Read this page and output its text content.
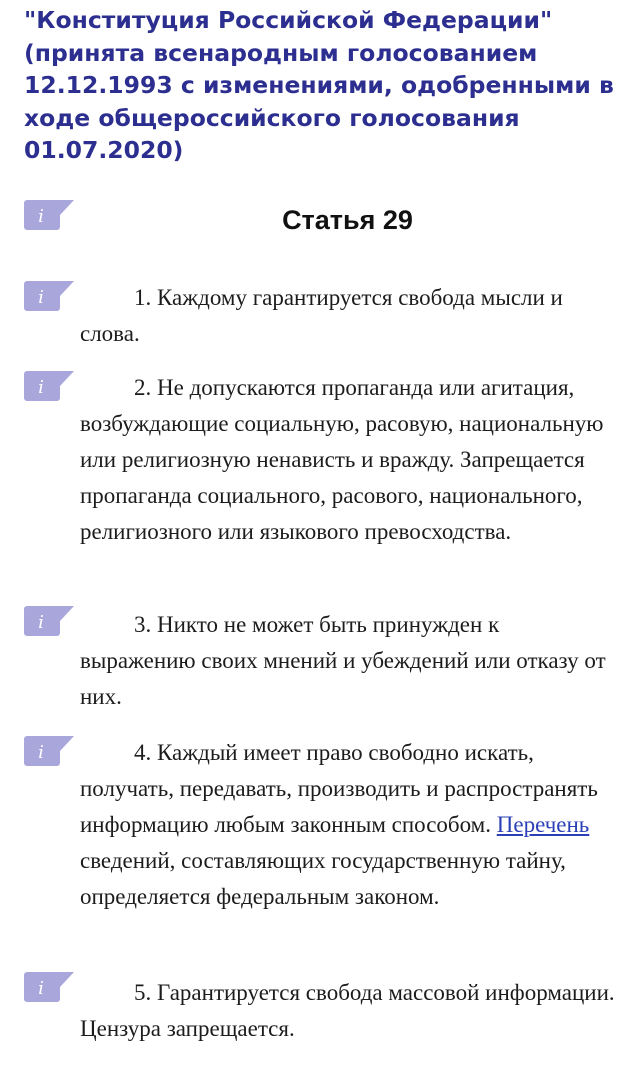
"Конституция Российской Федерации" (принята всенародным голосованием 12.12.1993 с изменениями, одобренными в ходе общероссийского голосования 01.07.2020)
i	Статья 29
i	1. Каждому гарантируется свобода мысли и слова.

i	2. Не допускаются пропаганда или агитация, возбуждающие социальную, расовую, национальную или религиозную ненависть и вражду. Запрещается пропаганда социального, расового, национального, религиозного или языкового превосходства.

i	3. Никто не может быть принужден к выражению своих мнений и убеждений или отказу от них.

i	4. Каждый имеет право свободно искать, получать, передавать, производить и распространять информацию любым законным способом. Перечень сведений, составляющих государственную тайну, определяется федеральным законом.

i	5. Гарантируется свобода массовой информации. Цензура запрещается.
